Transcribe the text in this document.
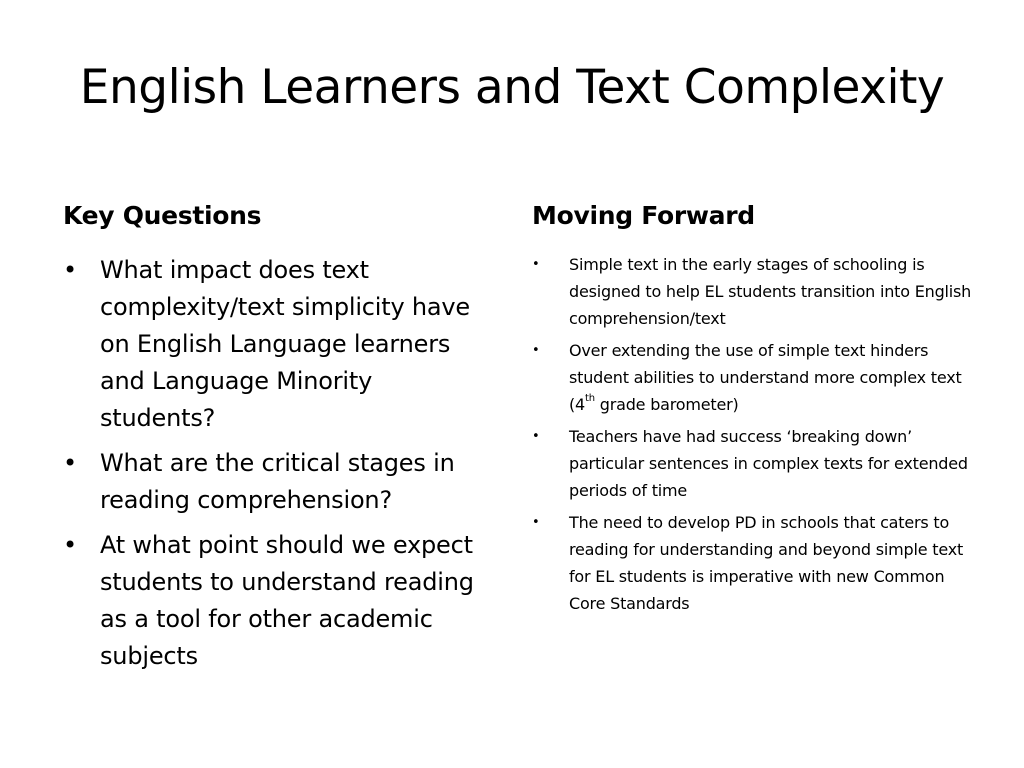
English Learners and Text Complexity
Key Questions
• What impact does text complexity/text simplicity have on English Language learners and Language Minority students?
• What are the critical stages in reading comprehension?
• At what point should we expect students to understand reading as a tool for other academic subjects
Moving Forward
• Simple text in the early stages of schooling is designed to help EL students transition into English comprehension/text
• Over extending the use of simple text hinders student abilities to understand more complex text (4th grade barometer)
• Teachers have had success ‘breaking down’ particular sentences in complex texts for extended periods of time
• The need to develop PD in schools that caters to reading for understanding and beyond simple text for EL students is imperative with new Common Core Standards
